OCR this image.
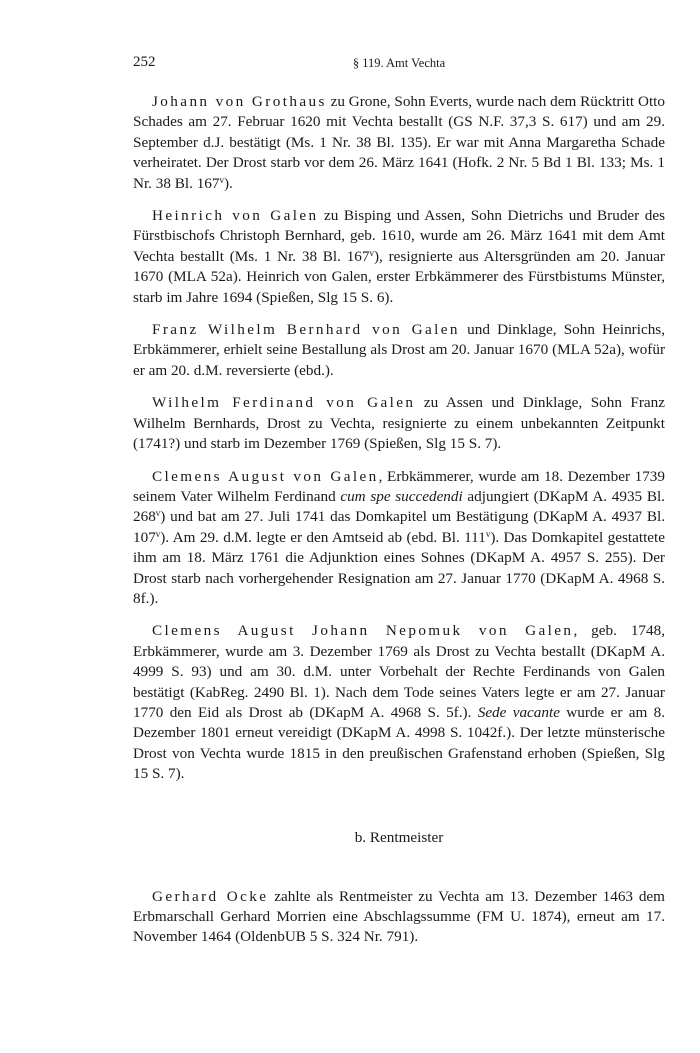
252	§ 119. Amt Vechta

Johann von Grothaus zu Grone, Sohn Everts, wurde nach dem Rücktritt Otto Schades am 27. Februar 1620 mit Vechta bestallt (GS N.F. 37,3 S. 617) und am 29. September d.J. bestätigt (Ms. 1 Nr. 38 Bl. 135). Er war mit Anna Margaretha Schade verheiratet. Der Drost starb vor dem 26. März 1641 (Hofk. 2 Nr. 5 Bd 1 Bl. 133; Ms. 1 Nr. 38 Bl. 167$^v$).

Heinrich von Galen zu Bisping und Assen, Sohn Dietrichs und Bruder des Fürstbischofs Christoph Bernhard, geb. 1610, wurde am 26. März 1641 mit dem Amt Vechta bestallt (Ms. 1 Nr. 38 Bl. 167$^v$), resignierte aus Altersgründen am 20. Januar 1670 (MLA 52a). Heinrich von Galen, erster Erbkämmerer des Fürstbistums Münster, starb im Jahre 1694 (Spießen, Slg 15 S. 6).

Franz Wilhelm Bernhard von Galen und Dinklage, Sohn Heinrichs, Erbkämmerer, erhielt seine Bestallung als Drost am 20. Januar 1670 (MLA 52a), wofür er am 20. d.M. reversierte (ebd.).

Wilhelm Ferdinand von Galen zu Assen und Dinklage, Sohn Franz Wilhelm Bernhards, Drost zu Vechta, resignierte zu einem unbekannten Zeitpunkt (1741?) und starb im Dezember 1769 (Spießen, Slg 15 S. 7).

Clemens August von Galen, Erbkämmerer, wurde am 18. Dezember 1739 seinem Vater Wilhelm Ferdinand cum spe succedendi adjungiert (DKapM A. 4935 Bl. 268$^v$) und bat am 27. Juli 1741 das Domkapitel um Bestätigung (DKapM A. 4937 Bl. 107$^v$). Am 29. d.M. legte er den Amtseid ab (ebd. Bl. 111$^v$). Das Domkapitel gestattete ihm am 18. März 1761 die Adjunktion eines Sohnes (DKapM A. 4957 S. 255). Der Drost starb nach vorhergehender Resignation am 27. Januar 1770 (DKapM A. 4968 S. 8f.).

Clemens August Johann Nepomuk von Galen, geb. 1748, Erbkämmerer, wurde am 3. Dezember 1769 als Drost zu Vechta bestallt (DKapM A. 4999 S. 93) und am 30. d.M. unter Vorbehalt der Rechte Ferdinands von Galen bestätigt (KabReg. 2490 Bl. 1). Nach dem Tode seines Vaters legte er am 27. Januar 1770 den Eid als Drost ab (DKapM A. 4968 S. 5f.). Sede vacante wurde er am 8. Dezember 1801 erneut vereidigt (DKapM A. 4998 S. 1042f.). Der letzte münsterische Drost von Vechta wurde 1815 in den preußischen Grafenstand erhoben (Spießen, Slg 15 S. 7).

b. Rentmeister

Gerhard Ocke zahlte als Rentmeister zu Vechta am 13. Dezember 1463 dem Erbmarschall Gerhard Morrien eine Abschlagssumme (FM U. 1874), erneut am 17. November 1464 (OldenbUB 5 S. 324 Nr. 791).
